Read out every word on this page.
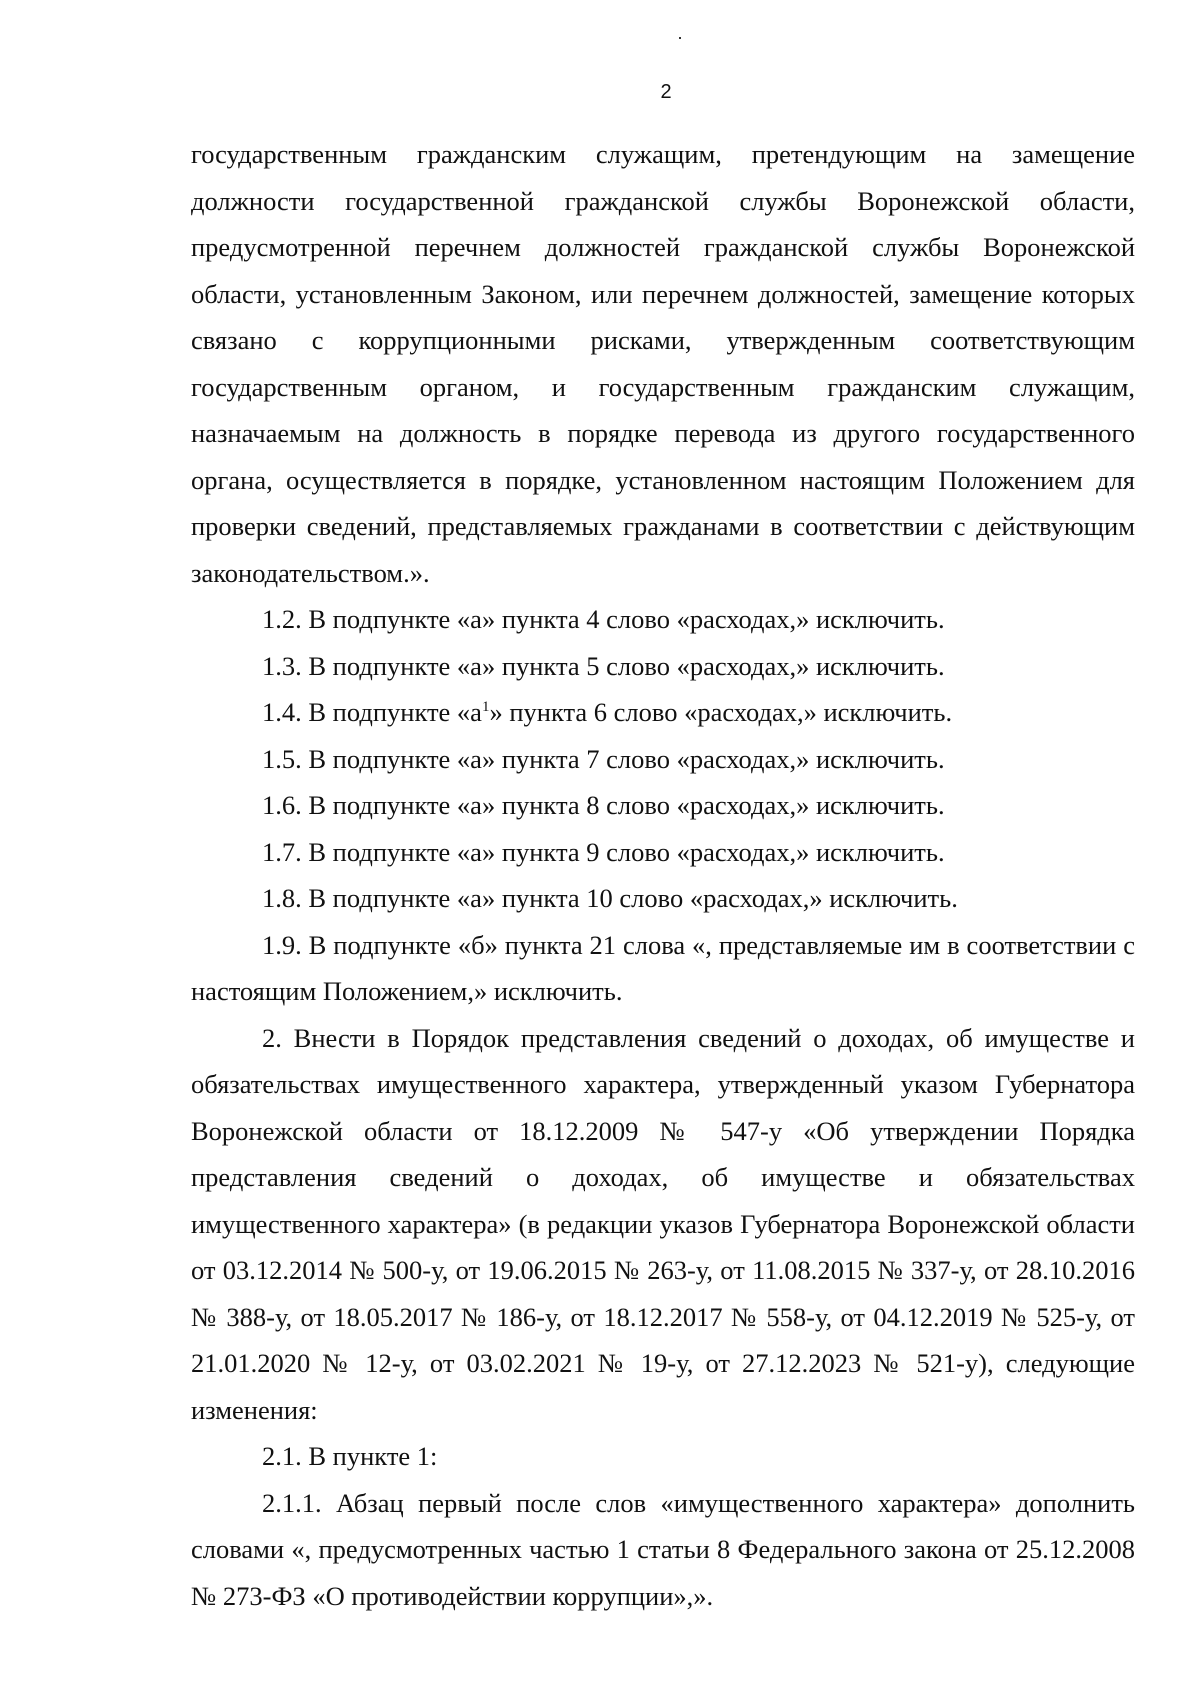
2

государственным гражданским служащим, претендующим на замещение должности государственной гражданской службы Воронежской области, предусмотренной перечнем должностей гражданской службы Воронежской области, установленным Законом, или перечнем должностей, замещение которых связано с коррупционными рисками, утвержденным соответствующим государственным органом, и государственным гражданским служащим, назначаемым на должность в порядке перевода из другого государственного органа, осуществляется в порядке, установленном настоящим Положением для проверки сведений, представляемых гражданами в соответствии с действующим законодательством.».

1.2. В подпункте «а» пункта 4 слово «расходах,» исключить.

1.3. В подпункте «а» пункта 5 слово «расходах,» исключить.

1.4. В подпункте «$а^1$» пункта 6 слово «расходах,» исключить.

1.5. В подпункте «а» пункта 7 слово «расходах,» исключить.

1.6. В подпункте «а» пункта 8 слово «расходах,» исключить.

1.7. В подпункте «а» пункта 9 слово «расходах,» исключить.

1.8. В подпункте «а» пункта 10 слово «расходах,» исключить.

1.9. В подпункте «б» пункта 21 слова «, представляемые им в соответствии с настоящим Положением,» исключить.

2. Внести в Порядок представления сведений о доходах, об имуществе и обязательствах имущественного характера, утвержденный указом Губернатора Воронежской области от 18.12.2009 № 547-у «Об утверждении Порядка представления сведений о доходах, об имуществе и обязательствах имущественного характера» (в редакции указов Губернатора Воронежской области от 03.12.2014 № 500-у, от 19.06.2015 № 263-у, от 11.08.2015 № 337-у, от 28.10.2016 № 388-у, от 18.05.2017 № 186-у, от 18.12.2017 № 558-у, от 04.12.2019 № 525-у, от 21.01.2020 № 12-у, от 03.02.2021 № 19-у, от 27.12.2023 № 521-у), следующие изменения:

2.1. В пункте 1:

2.1.1. Абзац первый после слов «имущественного характера» дополнить словами «, предусмотренных частью 1 статьи 8 Федерального закона от 25.12.2008 № 273-ФЗ «О противодействии коррупции»,».
